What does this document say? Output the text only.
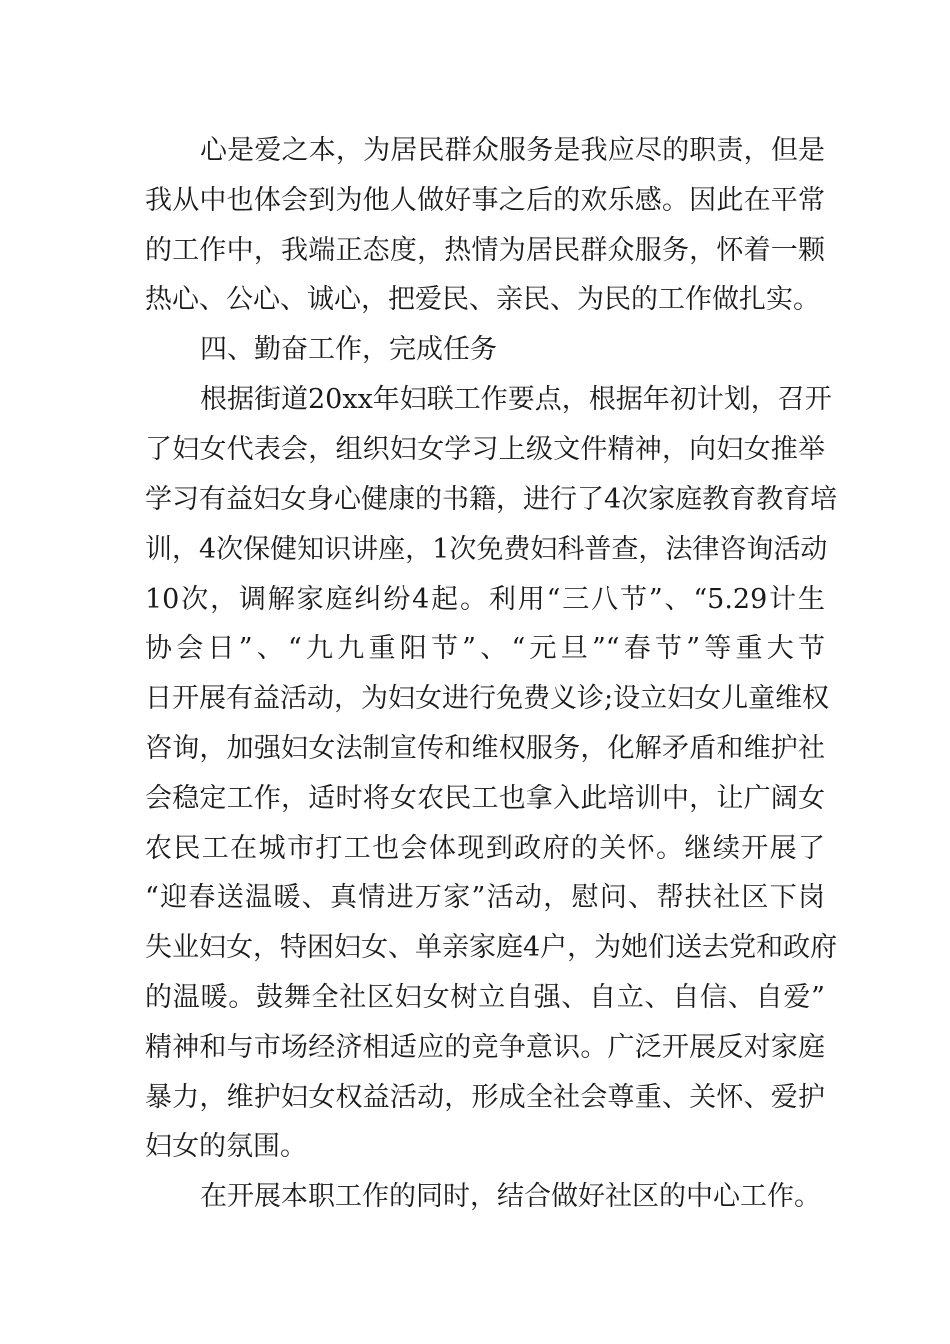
心是爱之本，为居民群众服务是我应尽的职责，但是
我从中也体会到为他人做好事之后的欢乐感。因此在平常
的工作中，我端正态度，热情为居民群众服务，怀着一颗
热心、公心、诚心，把爱民、亲民、为民的工作做扎实。
四、勤奋工作，完成任务
根据街道20xx年妇联工作要点，根据年初计划，召开
了妇女代表会，组织妇女学习上级文件精神，向妇女推举
学习有益妇女身心健康的书籍，进行了4次家庭教育教育培
训，4次保健知识讲座，1次免费妇科普查，法律咨询活动
10次，调解家庭纠纷4起。利用“三八节”、“5.29计生
协会日”、“九九重阳节”、“元旦”“春节”等重大节
日开展有益活动，为妇女进行免费义诊;设立妇女儿童维权
咨询，加强妇女法制宣传和维权服务，化解矛盾和维护社
会稳定工作，适时将女农民工也拿入此培训中，让广阔女
农民工在城市打工也会体现到政府的关怀。继续开展了
“迎春送温暖、真情进万家”活动，慰问、帮扶社区下岗
失业妇女，特困妇女、单亲家庭4户，为她们送去党和政府
的温暖。鼓舞全社区妇女树立自强、自立、自信、自爱”
精神和与市场经济相适应的竞争意识。广泛开展反对家庭
暴力，维护妇女权益活动，形成全社会尊重、关怀、爱护
妇女的氛围。
在开展本职工作的同时，结合做好社区的中心工作。
